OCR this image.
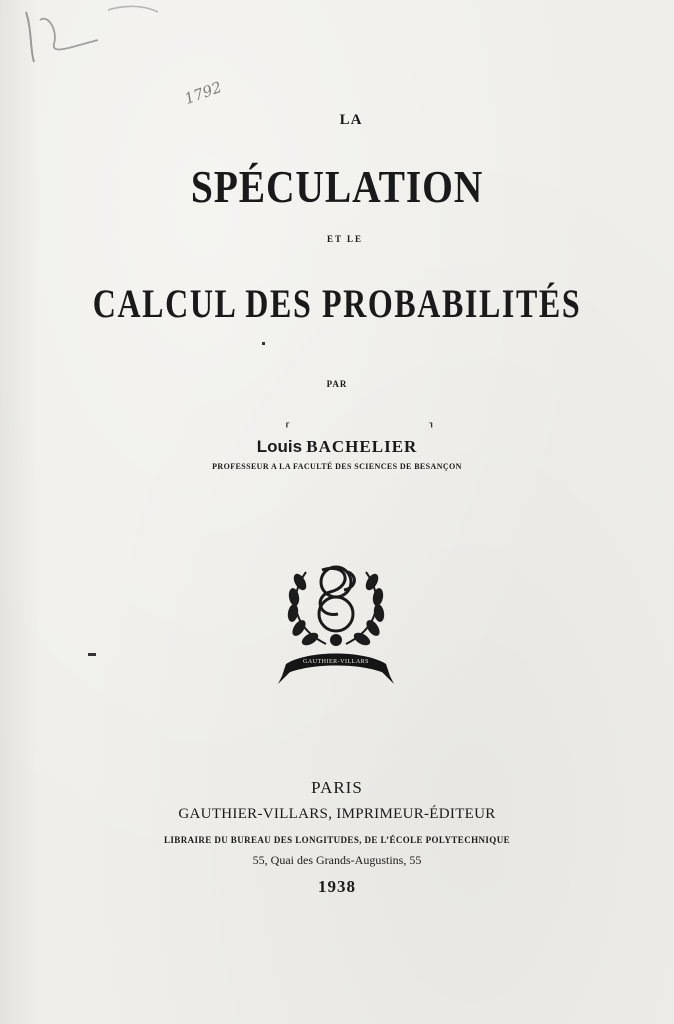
1792
LA
SPÉCULATION
ET LE
CALCUL DES PROBABILITÉS
PAR
⸢	⸣
Louis BACHELIER
PROFESSEUR A LA FACULTÉ DES SCIENCES DE BESANÇON
GAUTHIER-VILLARS
PARIS
GAUTHIER-VILLARS, IMPRIMEUR-ÉDITEUR
LIBRAIRE DU BUREAU DES LONGITUDES, DE L’ÉCOLE POLYTECHNIQUE
55, Quai des Grands-Augustins, 55
1938
